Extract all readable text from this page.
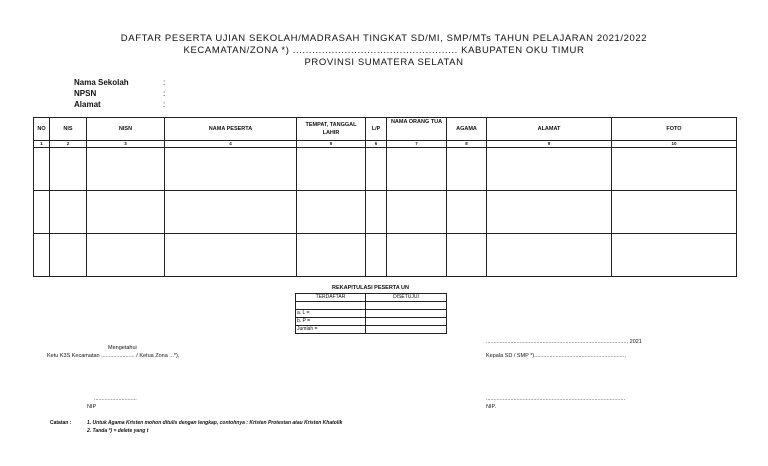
DAFTAR PESERTA UJIAN SEKOLAH/MADRASAH TINGKAT SD/MI, SMP/MTs TAHUN PELAJARAN 2021/2022
KECAMATAN/ZONA *) ................................................... KABUPATEN OKU TIMUR
PROVINSI SUMATERA SELATAN
Nama Sekolah	:
NPSN	:
Alamat	:
NO	NIS	NISN	NAMA PESERTA	TEMPAT, TANGGAL LAHIR	L/P	NAMA ORANG TUA	AGAMA	ALAMAT	FOTO
1	2	3	4	5	6	7	8	9	10

REKAPITULASI PESERTA UN
TERDAFTAR	DISETUJUI

a. L =	
b. P =	
Jumlah =	
Mengetahui
Ketu K3S Kecamatan ...................... / Ketua Zona ...*),
............................
NIP
............................................................................................, 2021
Kepala SD / SMP *)...........................................................,
...........................................................................................
NIP.
Catatan :	1. Untuk Agama Kristen mohon ditulis dengan lengkap, contohnya : Kristen Protestan atau Kristen Khatolik
2. Tanda *) = delete yang t
